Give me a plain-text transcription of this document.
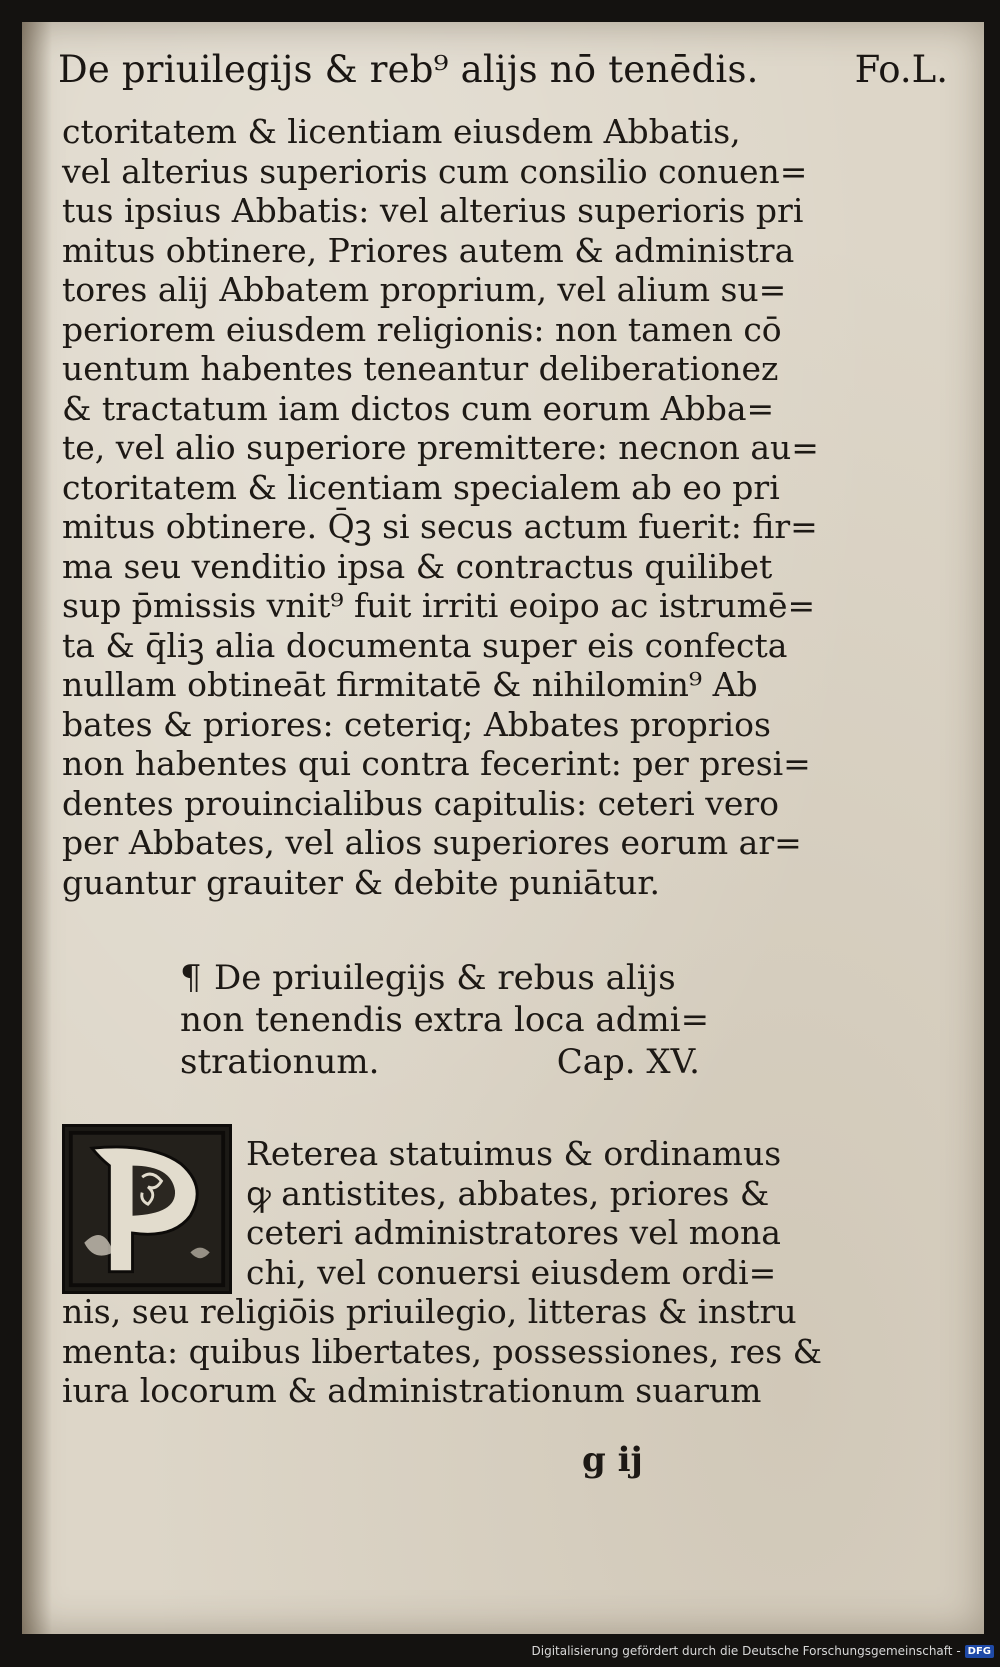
De priuilegijs & reb⁹ alijs nō tenēdis.	Fo.L.
ctoritatem & licentiam eiusdem Abbatis,
vel alterius superioris cum consilio conuen=
tus ipsius Abbatis: vel alterius superioris pri
mitus obtinere, Priores autem & administra
tores alij Abbatem proprium, vel alium su=
periorem eiusdem religionis: non tamen cō
uentum habentes teneantur deliberationez
& tractatum iam dictos cum eorum Abba=
te, vel alio superiore premittere: necnon au=
ctoritatem & licentiam specialem ab eo pri
mitus obtinere. Q̄ꝫ si secus actum fuerit: fir=
ma seu venditio ipsa & contractus quilibet
sup p̄missis vnit⁹ fuit irriti eoipo ac istrumē=
ta & q̄liꝫ alia documenta super eis confecta
nullam obtineāt firmitatē & nihilomin⁹ Ab
bates & priores: ceteriq; Abbates proprios
non habentes qui contra fecerint: per presi=
dentes prouincialibus capitulis: ceteri vero
per Abbates, vel alios superiores eorum ar=
guantur grauiter & debite puniātur.
¶ De priuilegijs & rebus alijs
non tenendis extra loca admi=
strationum.	Cap. XV.
Reterea statuimus & ordinamus
ꝙ antistites, abbates, priores &
ceteri administratores vel mona
chi, vel conuersi eiusdem ordi=
nis, seu religiōis priuilegio, litteras & instru
menta: quibus libertates, possessiones, res &
iura locorum & administrationum suarum
g ij
Digitalisierung gefördert durch die Deutsche Forschungsgemeinschaft - DFG
